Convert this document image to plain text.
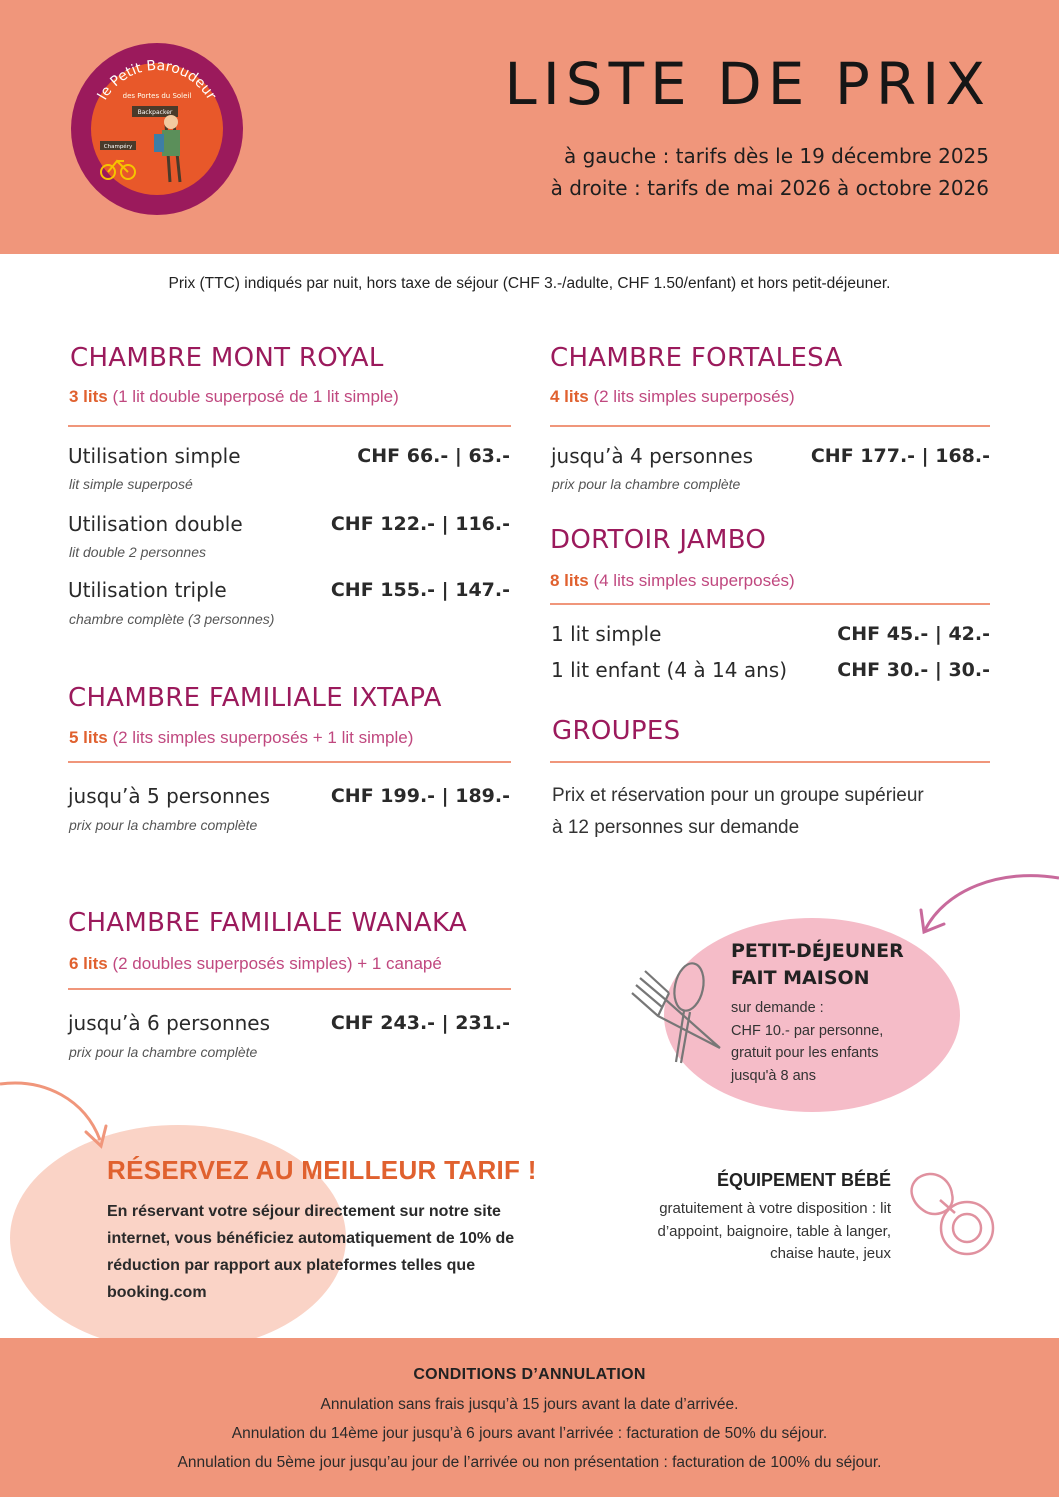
le Petit Baroudeur
des Portes du Soleil
Backpacker
Champéry
LISTE DE PRIX
à gauche : tarifs dès le 19 décembre 2025
à droite : tarifs de mai 2026 à octobre 2026
Prix (TTC) indiqués par nuit, hors taxe de séjour (CHF 3.-/adulte, CHF 1.50/enfant) et hors petit-déjeuner.
CHAMBRE MONT ROYAL
3 lits (1 lit double superposé de 1 lit simple)
Utilisation simple
lit simple superposé
CHF 66.- | 63.-
Utilisation double
lit double 2 personnes
CHF 122.- | 116.-
Utilisation triple
chambre complète (3 personnes)
CHF 155.- | 147.-
CHAMBRE FAMILIALE IXTAPA
5 lits (2 lits simples superposés + 1 lit simple)
jusqu’à 5 personnes
prix pour la chambre complète
CHF 199.- | 189.-
CHAMBRE FAMILIALE WANAKA
6 lits (2 doubles superposés simples) + 1 canapé
jusqu’à 6 personnes
prix pour la chambre complète
CHF 243.- | 231.-
CHAMBRE FORTALESA
4 lits (2 lits simples superposés)
jusqu’à 4 personnes
prix pour la chambre complète
CHF 177.- | 168.-
DORTOIR JAMBO
8 lits (4 lits simples superposés)
1 lit simple	CHF 45.- | 42.-
1 lit enfant (4 à 14 ans)	CHF 30.- | 30.-
GROUPES
Prix et réservation pour un groupe supérieur
à 12 personnes sur demande
PETIT-DÉJEUNER
FAIT MAISON
sur demande :
CHF 10.- par personne,
gratuit pour les enfants
jusqu'à 8 ans
RÉSERVEZ AU MEILLEUR TARIF !
En réservant votre séjour directement sur notre site internet, vous bénéficiez automatiquement de 10% de réduction par rapport aux plateformes telles que booking.com
ÉQUIPEMENT BÉBÉ
gratuitement à votre disposition : lit d’appoint, baignoire, table à langer, chaise haute, jeux
CONDITIONS D’ANNULATION
Annulation sans frais jusqu’à 15 jours avant la date d’arrivée.
Annulation du 14ème jour jusqu’à 6 jours avant l’arrivée : facturation de 50% du séjour.
Annulation du 5ème jour jusqu’au jour de l’arrivée ou non présentation : facturation de 100% du séjour.
